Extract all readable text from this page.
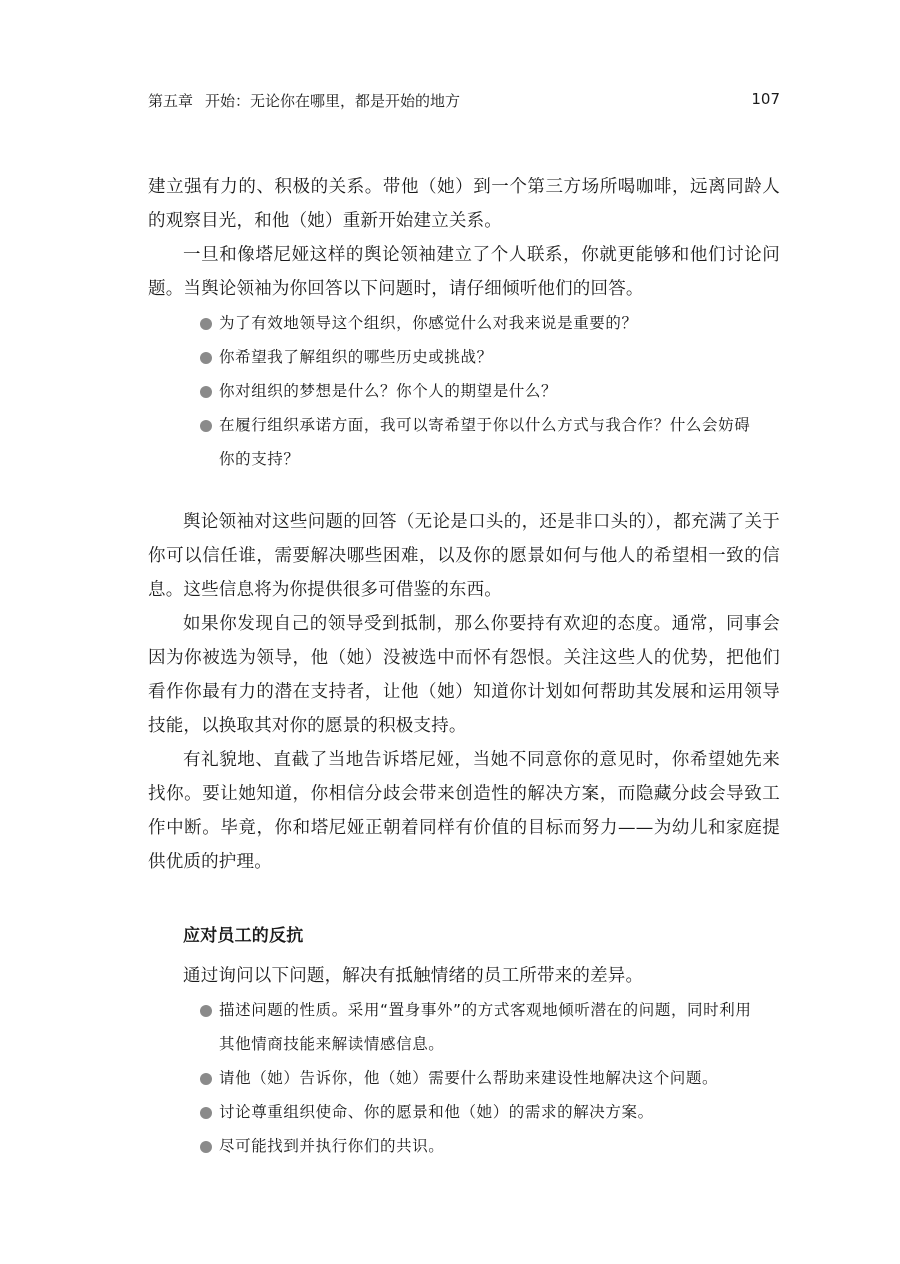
第五章 开始：无论你在哪里，都是开始的地方	107

建立强有力的、积极的关系。带他（她）到一个第三方场所喝咖啡，远离同龄人的观察目光，和他（她）重新开始建立关系。

一旦和像塔尼娅这样的舆论领袖建立了个人联系，你就更能够和他们讨论问题。当舆论领袖为你回答以下问题时，请仔细倾听他们的回答。

为了有效地领导这个组织，你感觉什么对我来说是重要的？
你希望我了解组织的哪些历史或挑战？
你对组织的梦想是什么？你个人的期望是什么？
在履行组织承诺方面，我可以寄希望于你以什么方式与我合作？什么会妨碍你的支持？

舆论领袖对这些问题的回答（无论是口头的，还是非口头的），都充满了关于你可以信任谁，需要解决哪些困难，以及你的愿景如何与他人的希望相一致的信息。这些信息将为你提供很多可借鉴的东西。

如果你发现自己的领导受到抵制，那么你要持有欢迎的态度。通常，同事会因为你被选为领导，他（她）没被选中而怀有怨恨。关注这些人的优势，把他们看作你最有力的潜在支持者，让他（她）知道你计划如何帮助其发展和运用领导技能，以换取其对你的愿景的积极支持。

有礼貌地、直截了当地告诉塔尼娅，当她不同意你的意见时，你希望她先来找你。要让她知道，你相信分歧会带来创造性的解决方案，而隐藏分歧会导致工作中断。毕竟，你和塔尼娅正朝着同样有价值的目标而努力——为幼儿和家庭提供优质的护理。

应对员工的反抗

通过询问以下问题，解决有抵触情绪的员工所带来的差异。

描述问题的性质。采用“置身事外”的方式客观地倾听潜在的问题，同时利用其他情商技能来解读情感信息。
请他（她）告诉你，他（她）需要什么帮助来建设性地解决这个问题。
讨论尊重组织使命、你的愿景和他（她）的需求的解决方案。
尽可能找到并执行你们的共识。
